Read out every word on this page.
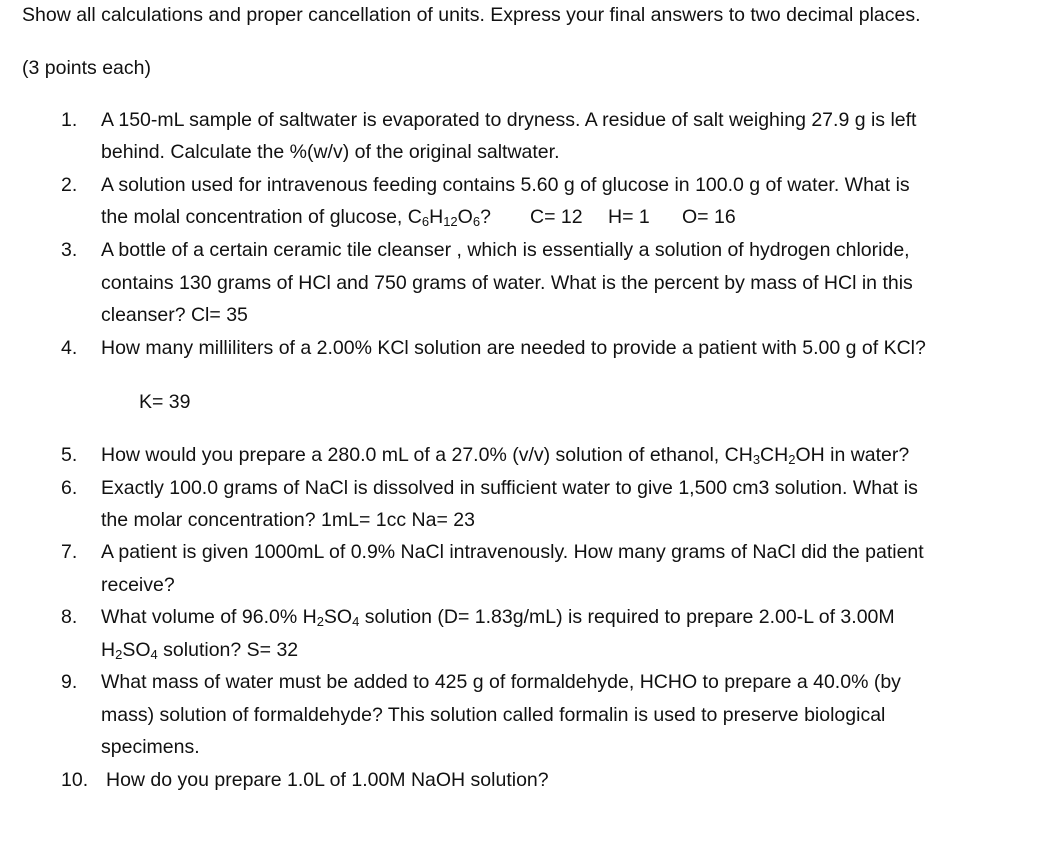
Show all calculations and proper cancellation of units. Express your final answers to two decimal places.
(3 points each)
1. A 150-mL sample of saltwater is evaporated to dryness. A residue of salt weighing 27.9 g is left
behind. Calculate the %(w/v) of the original saltwater.
2. A solution used for intravenous feeding contains 5.60 g of glucose in 100.0 g of water. What is
the molal concentration of glucose, $C_6H_{12}O_6$? C= 12 H= 1 O= 16
3. A bottle of a certain ceramic tile cleanser , which is essentially a solution of hydrogen chloride,
contains 130 grams of HCl and 750 grams of water. What is the percent by mass of HCl in this
cleanser? Cl= 35
4. How many milliliters of a 2.00% KCl solution are needed to provide a patient with 5.00 g of KCl?
K= 39
5. How would you prepare a 280.0 mL of a 27.0% (v/v) solution of ethanol, $CH_3CH_2OH$ in water?
6. Exactly 100.0 grams of NaCl is dissolved in sufficient water to give 1,500 cm3 solution. What is
the molar concentration? 1mL= 1cc Na= 23
7. A patient is given 1000mL of 0.9% NaCl intravenously. How many grams of NaCl did the patient
receive?
8. What volume of 96.0% $H_2SO_4$ solution (D= 1.83g/mL) is required to prepare 2.00-L of 3.00M
$H_2SO_4$ solution? S= 32
9. What mass of water must be added to 425 g of formaldehyde, HCHO to prepare a 40.0% (by
mass) solution of formaldehyde? This solution called formalin is used to preserve biological
specimens.
10. How do you prepare 1.0L of 1.00M NaOH solution?
